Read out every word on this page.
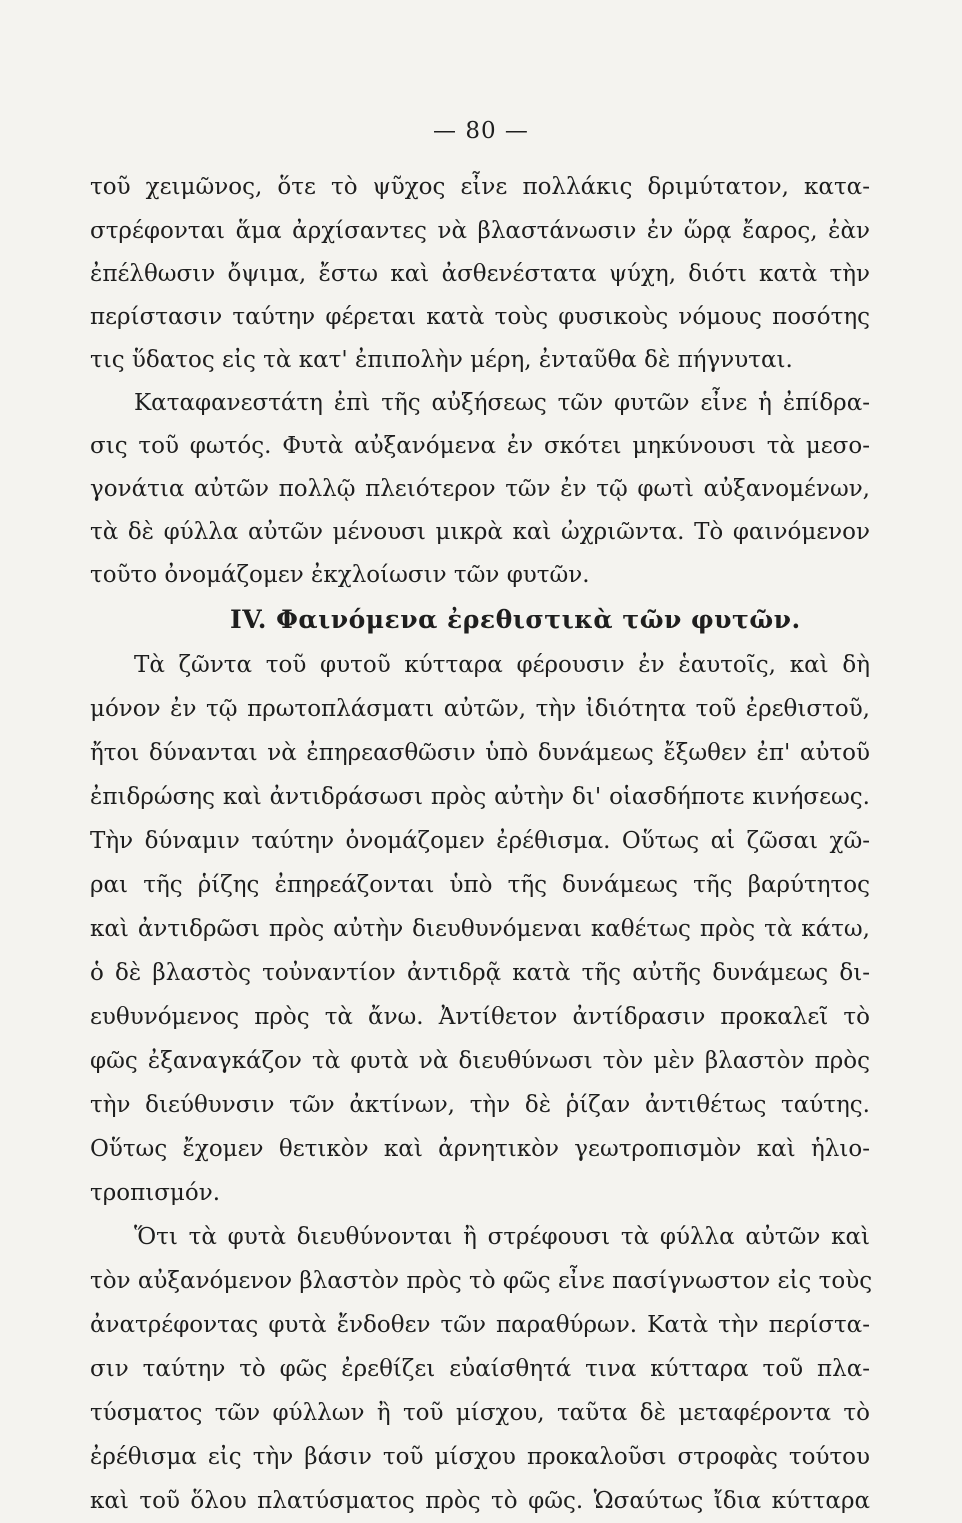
— 80 —
τοῦ χειμῶνος, ὅτε τὸ ψῦχος εἶνε πολλάκις δριμύτατον, κατα-
στρέφονται ἅμα ἀρχίσαντες νὰ βλαστάνωσιν ἐν ὥρᾳ ἔαρος, ἐὰν
ἐπέλθωσιν ὄψιμα, ἔστω καὶ ἀσθενέστατα ψύχη, διότι κατὰ τὴν
περίστασιν ταύτην φέρεται κατὰ τοὺς φυσικοὺς νόμους ποσότης
τις ὕδατος εἰς τὰ κατ' ἐπιπολὴν μέρη, ἐνταῦθα δὲ πήγνυται.
Καταφανεστάτη ἐπὶ τῆς αὐξήσεως τῶν φυτῶν εἶνε ἡ ἐπίδρα-
σις τοῦ φωτός. Φυτὰ αὐξανόμενα ἐν σκότει μηκύνουσι τὰ μεσο-
γονάτια αὐτῶν πολλῷ πλειότερον τῶν ἐν τῷ φωτὶ αὐξανομένων,
τὰ δὲ φύλλα αὐτῶν μένουσι μικρὰ καὶ ὠχριῶντα. Τὸ φαινόμενον
τοῦτο ὀνομάζομεν ἐκχλοίωσιν τῶν φυτῶν.
IV. Φαινόμενα ἐρεθιστικὰ τῶν φυτῶν.
Τὰ ζῶντα τοῦ φυτοῦ κύτταρα φέρουσιν ἐν ἑαυτοῖς, καὶ δὴ
μόνον ἐν τῷ πρωτοπλάσματι αὐτῶν, τὴν ἰδιότητα τοῦ ἐρεθιστοῦ,
ἤτοι δύνανται νὰ ἐπηρεασθῶσιν ὑπὸ δυνάμεως ἔξωθεν ἐπ' αὐτοῦ
ἐπιδρώσης καὶ ἀντιδράσωσι πρὸς αὐτὴν δι' οἱασδήποτε κινήσεως.
Τὴν δύναμιν ταύτην ὀνομάζομεν ἐρέθισμα. Οὕτως αἱ ζῶσαι χῶ-
ραι τῆς ῥίζης ἐπηρεάζονται ὑπὸ τῆς δυνάμεως τῆς βαρύτητος
καὶ ἀντιδρῶσι πρὸς αὐτὴν διευθυνόμεναι καθέτως πρὸς τὰ κάτω,
ὁ δὲ βλαστὸς τοὐναντίον ἀντιδρᾷ κατὰ τῆς αὐτῆς δυνάμεως δι-
ευθυνόμενος πρὸς τὰ ἄνω. Ἀντίθετον ἀντίδρασιν προκαλεῖ τὸ
φῶς ἐξαναγκάζον τὰ φυτὰ νὰ διευθύνωσι τὸν μὲν βλαστὸν πρὸς
τὴν διεύθυνσιν τῶν ἀκτίνων, τὴν δὲ ῥίζαν ἀντιθέτως ταύτης.
Οὕτως ἔχομεν θετικὸν καὶ ἀρνητικὸν γεωτροπισμὸν καὶ ἡλιο-
τροπισμόν.
Ὅτι τὰ φυτὰ διευθύνονται ἢ στρέφουσι τὰ φύλλα αὐτῶν καὶ
τὸν αὐξανόμενον βλαστὸν πρὸς τὸ φῶς εἶνε πασίγνωστον εἰς τοὺς
ἀνατρέφοντας φυτὰ ἔνδοθεν τῶν παραθύρων. Κατὰ τὴν περίστα-
σιν ταύτην τὸ φῶς ἐρεθίζει εὐαίσθητά τινα κύτταρα τοῦ πλα-
τύσματος τῶν φύλλων ἢ τοῦ μίσχου, ταῦτα δὲ μεταφέροντα τὸ
ἐρέθισμα εἰς τὴν βάσιν τοῦ μίσχου προκαλοῦσι στροφὰς τούτου
καὶ τοῦ ὅλου πλατύσματος πρὸς τὸ φῶς. Ὡσαύτως ἴδια κύτταρα
